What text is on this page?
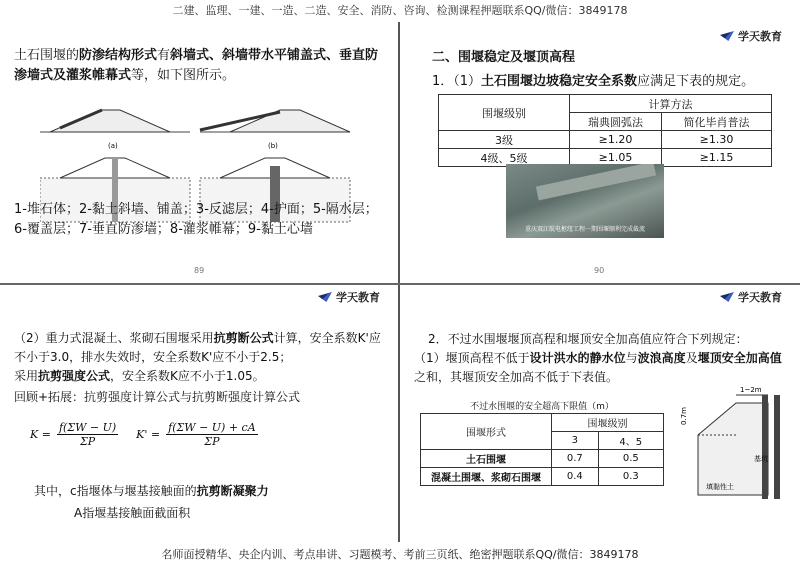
二建、监理、一建、一造、二造、安全、消防、咨询、检测课程押题联系QQ/微信：3849178
土石围堰的防渗结构形式有斜墙式、斜墙带水平铺盖式、垂直防渗墙式及灌浆帷幕式等，如下图所示。
(a)	(b)
1-堆石体；2-黏土斜墙、铺盖；3-反滤层；4-护面；5-隔水层；6-覆盖层；7-垂直防渗墙；8-灌浆帷幕；9-黏土心墙
89
学天教育
二、围堰稳定及堰顶高程
1．（1）土石围堰边坡稳定安全系数应满足下表的规定。
围堰级别	计算方法	
	瑞典圆弧法	简化毕肖普法
3级	≥1.20	≥1.30
4级、5级	≥1.05	≥1.15
重庆双江航电枢纽工程一期围堰顺利完成截流
90
学天教育
（2）重力式混凝土、浆砌石围堰采用抗剪断公式计算，安全系数K'应不小于3.0，排水失效时，安全系数K'应不小于2.5；
采用抗剪强度公式，安全系数K应不小于1.05。
回顾+拓展：抗剪强度计算公式与抗剪断强度计算公式
$K = \frac{f(\Sigma W - U)}{\Sigma P} K' = \frac{f(\Sigma W - U) + cA}{\Sigma P}$
其中，c指堰体与堰基接触面的抗剪断凝聚力
A指堰基接触面截面积
学天教育
2．不过水围堰堰顶高程和堰顶安全加高值应符合下列规定：
（1）堰顶高程不低于设计洪水的静水位与波浪高度及堰顶安全加高值之和，其堰顶安全加高不低于下表值。
不过水围堰的安全超高下限值（m）
围堰形式	围堰级别	
	3	4、5
土石围堰	0.7	0.5
混凝土围堰、浆砌石围堰	0.4	0.3
1~2m
0.7m
基坑
填黏性土
名师面授精华、央企内训、考点串讲、习题模考、考前三页纸、绝密押题联系QQ/微信：3849178
